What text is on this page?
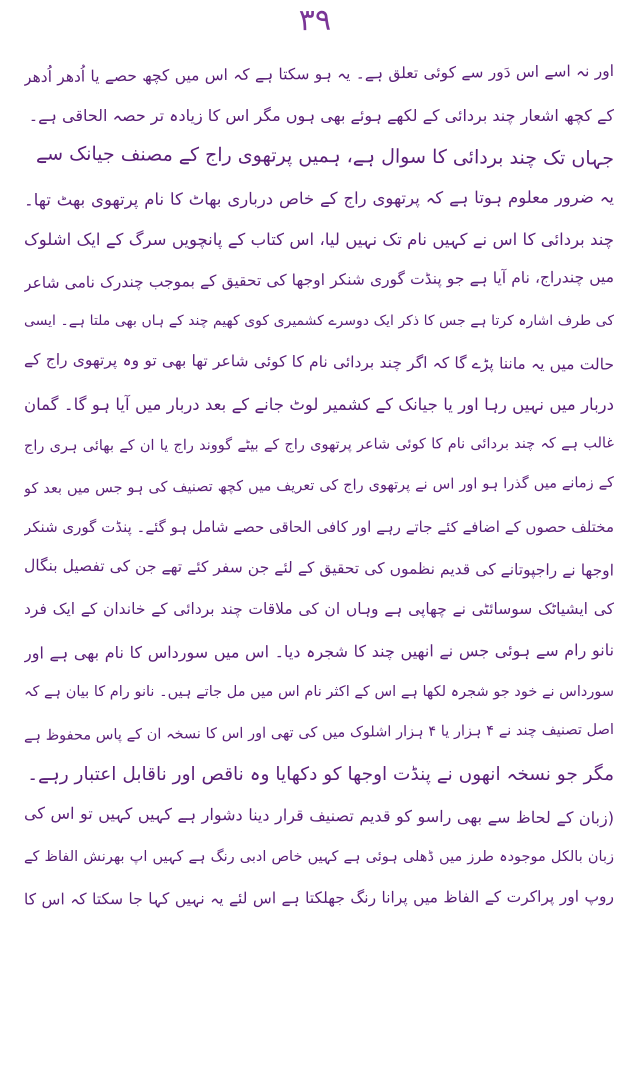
۳۹
اور نہ اسے اس دَور سے کوئی تعلق ہے۔ یہ ہو سکتا ہے کہ اس میں کچھ حصے یا اُدھر اُدھر
کے کچھ اشعار چند بردائی کے لکھے ہوئے بھی ہوں مگر اس کا زیادہ تر حصہ الحاقی ہے۔
جہاں تک چند بردائی کا سوال ہے، ہمیں پرتھوی راج کے مصنف جیانک سے
یہ ضرور معلوم ہوتا ہے کہ پرتھوی راج کے خاص درباری بھاٹ کا نام پرتھوی بھٹ تھا۔
چند بردائی کا اس نے کہیں نام تک نہیں لیا، اس کتاب کے پانچویں سرگ کے ایک اشلوک
میں چندراج، نام آیا ہے جو پنڈت گوری شنکر اوجھا کی تحقیق کے بموجب چندرک نامی شاعر
کی طرف اشارہ کرتا ہے جس کا ذکر ایک دوسرے کشمیری کوی کھیم چند کے ہاں بھی ملتا ہے۔ ایسی
حالت میں یہ ماننا پڑے گا کہ اگر چند بردائی نام کا کوئی شاعر تھا بھی تو وہ پرتھوی راج کے
دربار میں نہیں رہا اور یا جیانک کے کشمیر لوٹ جانے کے بعد دربار میں آیا ہو گا۔ گمان
غالب ہے کہ چند بردائی نام کا کوئی شاعر پرتھوی راج کے بیٹے گووند راج یا ان کے بھائی ہری راج
کے زمانے میں گذرا ہو اور اس نے پرتھوی راج کی تعریف میں کچھ تصنیف کی ہو جس میں بعد کو
مختلف حصوں کے اضافے کئے جاتے رہے اور کافی الحاقی حصے شامل ہو گئے۔ پنڈت گوری شنکر
اوجھا نے راجپوتانے کی قدیم نظموں کی تحقیق کے لئے جن سفر کئے تھے جن کی تفصیل بنگال
کی ایشیاٹک سوسائٹی نے چھاپی ہے وہاں ان کی ملاقات چند بردائی کے خاندان کے ایک فرد
نانو رام سے ہوئی جس نے انھیں چند کا شجرہ دیا۔ اس میں سورداس کا نام بھی ہے اور
سورداس نے خود جو شجرہ لکھا ہے اس کے اکثر نام اس میں مل جاتے ہیں۔ نانو رام کا بیان ہے کہ
اصل تصنیف چند نے ۴ ہزار یا ۴ ہزار اشلوک میں کی تھی اور اس کا نسخہ ان کے پاس محفوظ ہے
مگر جو نسخہ انھوں نے پنڈت اوجھا کو دکھایا وہ ناقص اور ناقابل اعتبار رہے۔
(زبان کے لحاظ سے بھی راسو کو قدیم تصنیف قرار دینا دشوار ہے کہیں کہیں تو اس کی
زبان بالکل موجودہ طرز میں ڈھلی ہوئی ہے کہیں خاص ادبی رنگ ہے کہیں اپ بھرنش الفاظ کے
روپ اور پراکرت کے الفاظ میں پرانا رنگ جھلکتا ہے اس لئے یہ نہیں کہا جا سکتا کہ اس کا
